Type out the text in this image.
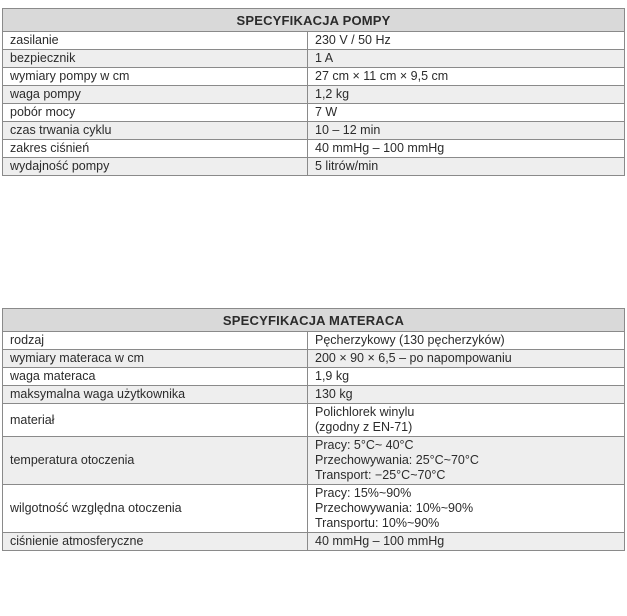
SPECYFIKACJA POMPY	
zasilanie	230 V / 50 Hz

bezpiecznik	1 A

wymiary pompy w cm	27 cm × 11 cm × 9,5 cm

waga pompy	1,2 kg

pobór mocy	7 W

czas trwania cyklu	10 – 12 min

zakres ciśnień	40 mmHg – 100 mmHg

wydajność pompy	5 litrów/min
SPECYFIKACJA MATERACA	
rodzaj	Pęcherzykowy (130 pęcherzyków)

wymiary materaca w cm	200 × 90 × 6,5 – po napompowaniu

waga materaca	1,9 kg

maksymalna waga użytkownika	130 kg

materiał	Polichlorek winylu
(zgodny z EN-71)

temperatura otoczenia	Pracy: 5°C~ 40°C
Przechowywania: 25°C~70°C
Transport: −25°C~70°C

wilgotność względna otoczenia	Pracy: 15%~90%
Przechowywania: 10%~90%
Transportu: 10%~90%

ciśnienie atmosferyczne	40 mmHg – 100 mmHg
